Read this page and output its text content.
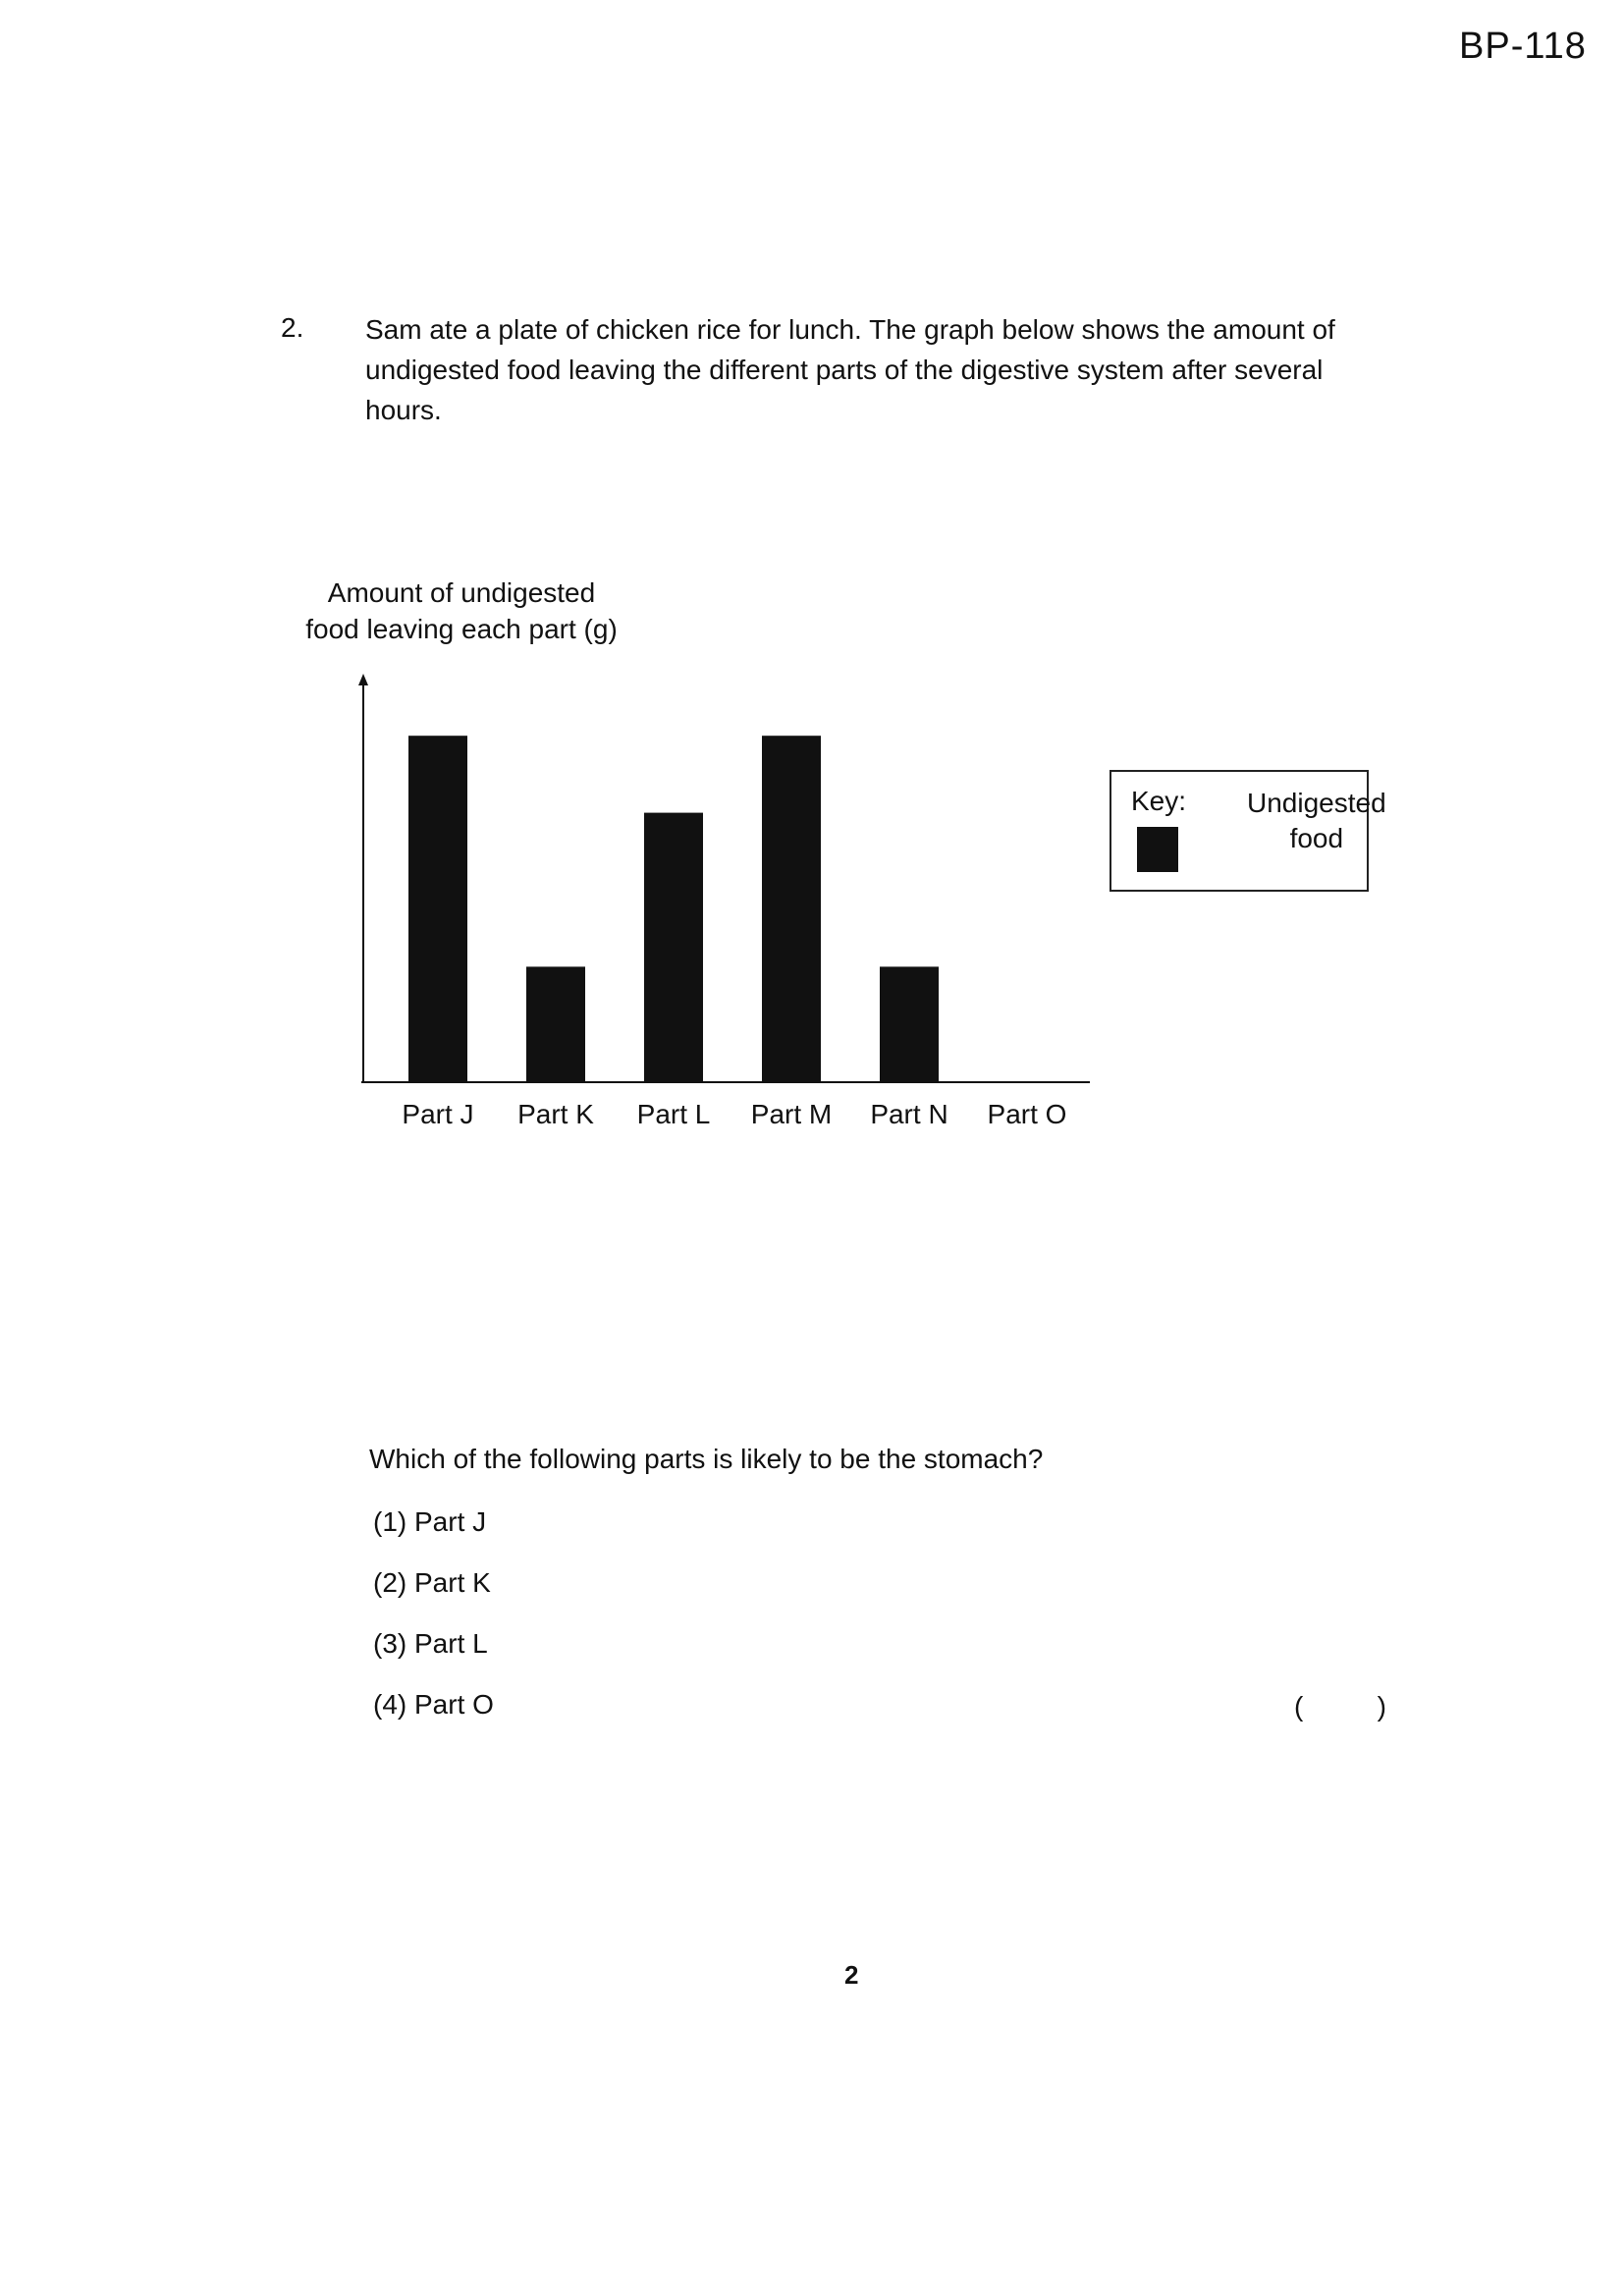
BP-118
2. Sam ate a plate of chicken rice for lunch. The graph below shows the amount of undigested food leaving the different parts of the digestive system after several hours.
Amount of undigested
food leaving each part (g)
Part J Part K Part L Part M Part N Part O
Key: Undigested
food
Which of the following parts is likely to be the stomach?
(1) Part J
(2) Part K
(3) Part L
(4) Part O	(	)
2
